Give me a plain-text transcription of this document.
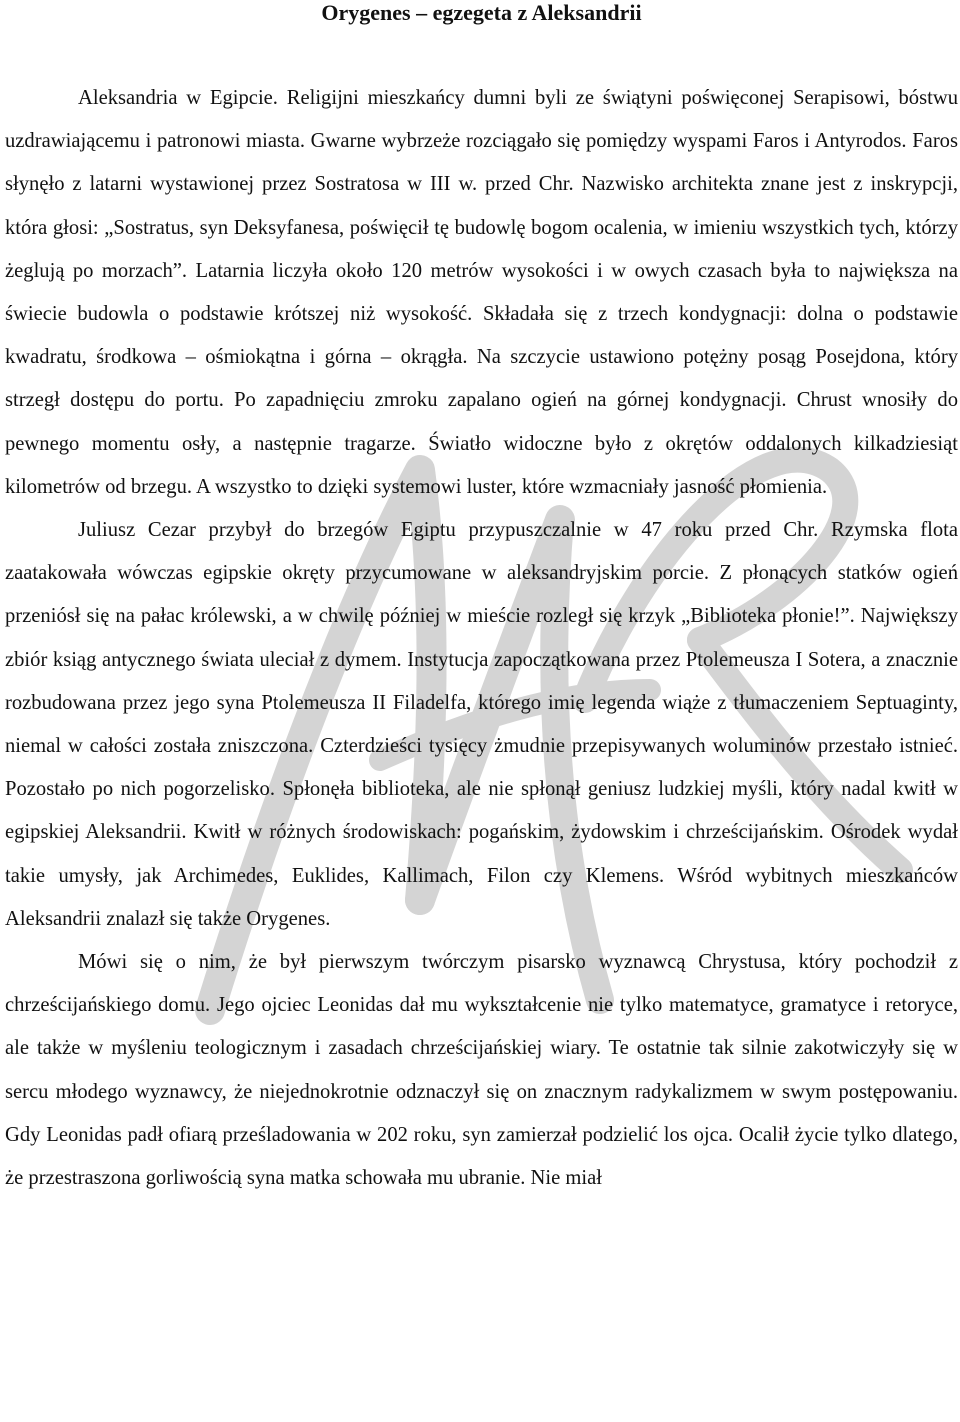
Orygenes – egzegeta z Aleksandrii

Aleksandria w Egipcie. Religijni mieszkańcy dumni byli ze świątyni poświęconej Serapisowi, bóstwu uzdrawiającemu i patronowi miasta. Gwarne wybrzeże rozciągało się pomiędzy wyspami Faros i Antyrodos. Faros słynęło z latarni wystawionej przez Sostratosa w III w. przed Chr. Nazwisko architekta znane jest z inskrypcji, która głosi: „Sostratus, syn Deksyfanesa, poświęcił tę budowlę bogom ocalenia, w imieniu wszystkich tych, którzy żeglują po morzach”. Latarnia liczyła około 120 metrów wysokości i w owych czasach była to największa na świecie budowla o podstawie krótszej niż wysokość. Składała się z trzech kondygnacji: dolna o podstawie kwadratu, środkowa – ośmiokątna i górna – okrągła. Na szczycie ustawiono potężny posąg Posejdona, który strzegł dostępu do portu. Po zapadnięciu zmroku zapalano ogień na górnej kondygnacji. Chrust wnosiły do pewnego momentu osły, a następnie tragarze. Światło widoczne było z okrętów oddalonych kilkadziesiąt kilometrów od brzegu. A wszystko to dzięki systemowi luster, które wzmacniały jasność płomienia.

Juliusz Cezar przybył do brzegów Egiptu przypuszczalnie w 47 roku przed Chr. Rzymska flota zaatakowała wówczas egipskie okręty przycumowane w aleksandryjskim porcie. Z płonących statków ogień przeniósł się na pałac królewski, a w chwilę później w mieście rozległ się krzyk „Biblioteka płonie!”. Największy zbiór ksiąg antycznego świata uleciał z dymem. Instytucja zapoczątkowana przez Ptolemeusza I Sotera, a znacznie rozbudowana przez jego syna Ptolemeusza II Filadelfa, którego imię legenda wiąże z tłumaczeniem Septuaginty, niemal w całości została zniszczona. Czterdzieści tysięcy żmudnie przepisywanych woluminów przestało istnieć. Pozostało po nich pogorzelisko. Spłonęła biblioteka, ale nie spłonął geniusz ludzkiej myśli, który nadal kwitł w egipskiej Aleksandrii. Kwitł w różnych środowiskach: pogańskim, żydowskim i chrześcijańskim. Ośrodek wydał takie umysły, jak Archimedes, Euklides, Kallimach, Filon czy Klemens. Wśród wybitnych mieszkańców Aleksandrii znalazł się także Orygenes.

Mówi się o nim, że był pierwszym twórczym pisarsko wyznawcą Chrystusa, który pochodził z chrześcijańskiego domu. Jego ojciec Leonidas dał mu wykształcenie nie tylko matematyce, gramatyce i retoryce, ale także w myśleniu teologicznym i zasadach chrześcijańskiej wiary. Te ostatnie tak silnie zakotwiczyły się w sercu młodego wyznawcy, że niejednokrotnie odznaczył się on znacznym radykalizmem w swym postępowaniu. Gdy Leonidas padł ofiarą prześladowania w 202 roku, syn zamierzał podzielić los ojca. Ocalił życie tylko dlatego, że przestraszona gorliwością syna matka schowała mu ubranie. Nie miał
